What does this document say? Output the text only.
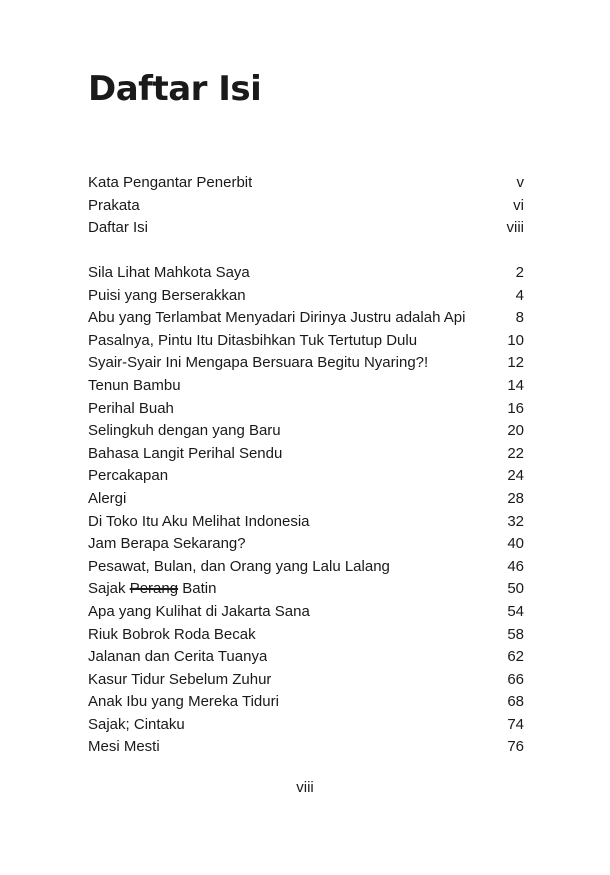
Daftar Isi
Kata Pengantar Penerbit	v
Prakata	vi
Daftar Isi	viii
Sila Lihat Mahkota Saya	2
Puisi yang Berserakkan	4
Abu yang Terlambat Menyadari Dirinya Justru adalah Api	8
Pasalnya, Pintu Itu Ditasbihkan Tuk Tertutup Dulu	10
Syair-Syair Ini Mengapa Bersuara Begitu Nyaring?!	12
Tenun Bambu	14
Perihal Buah	16
Selingkuh dengan yang Baru	20
Bahasa Langit Perihal Sendu	22
Percakapan	24
Alergi	28
Di Toko Itu Aku Melihat Indonesia	32
Jam Berapa Sekarang?	40
Pesawat, Bulan, dan Orang yang Lalu Lalang	46
Sajak Perang Batin	50
Apa yang Kulihat di Jakarta Sana	54
Riuk Bobrok Roda Becak	58
Jalanan dan Cerita Tuanya	62
Kasur Tidur Sebelum Zuhur	66
Anak Ibu yang Mereka Tiduri	68
Sajak; Cintaku	74
Mesi Mesti	76
viii
